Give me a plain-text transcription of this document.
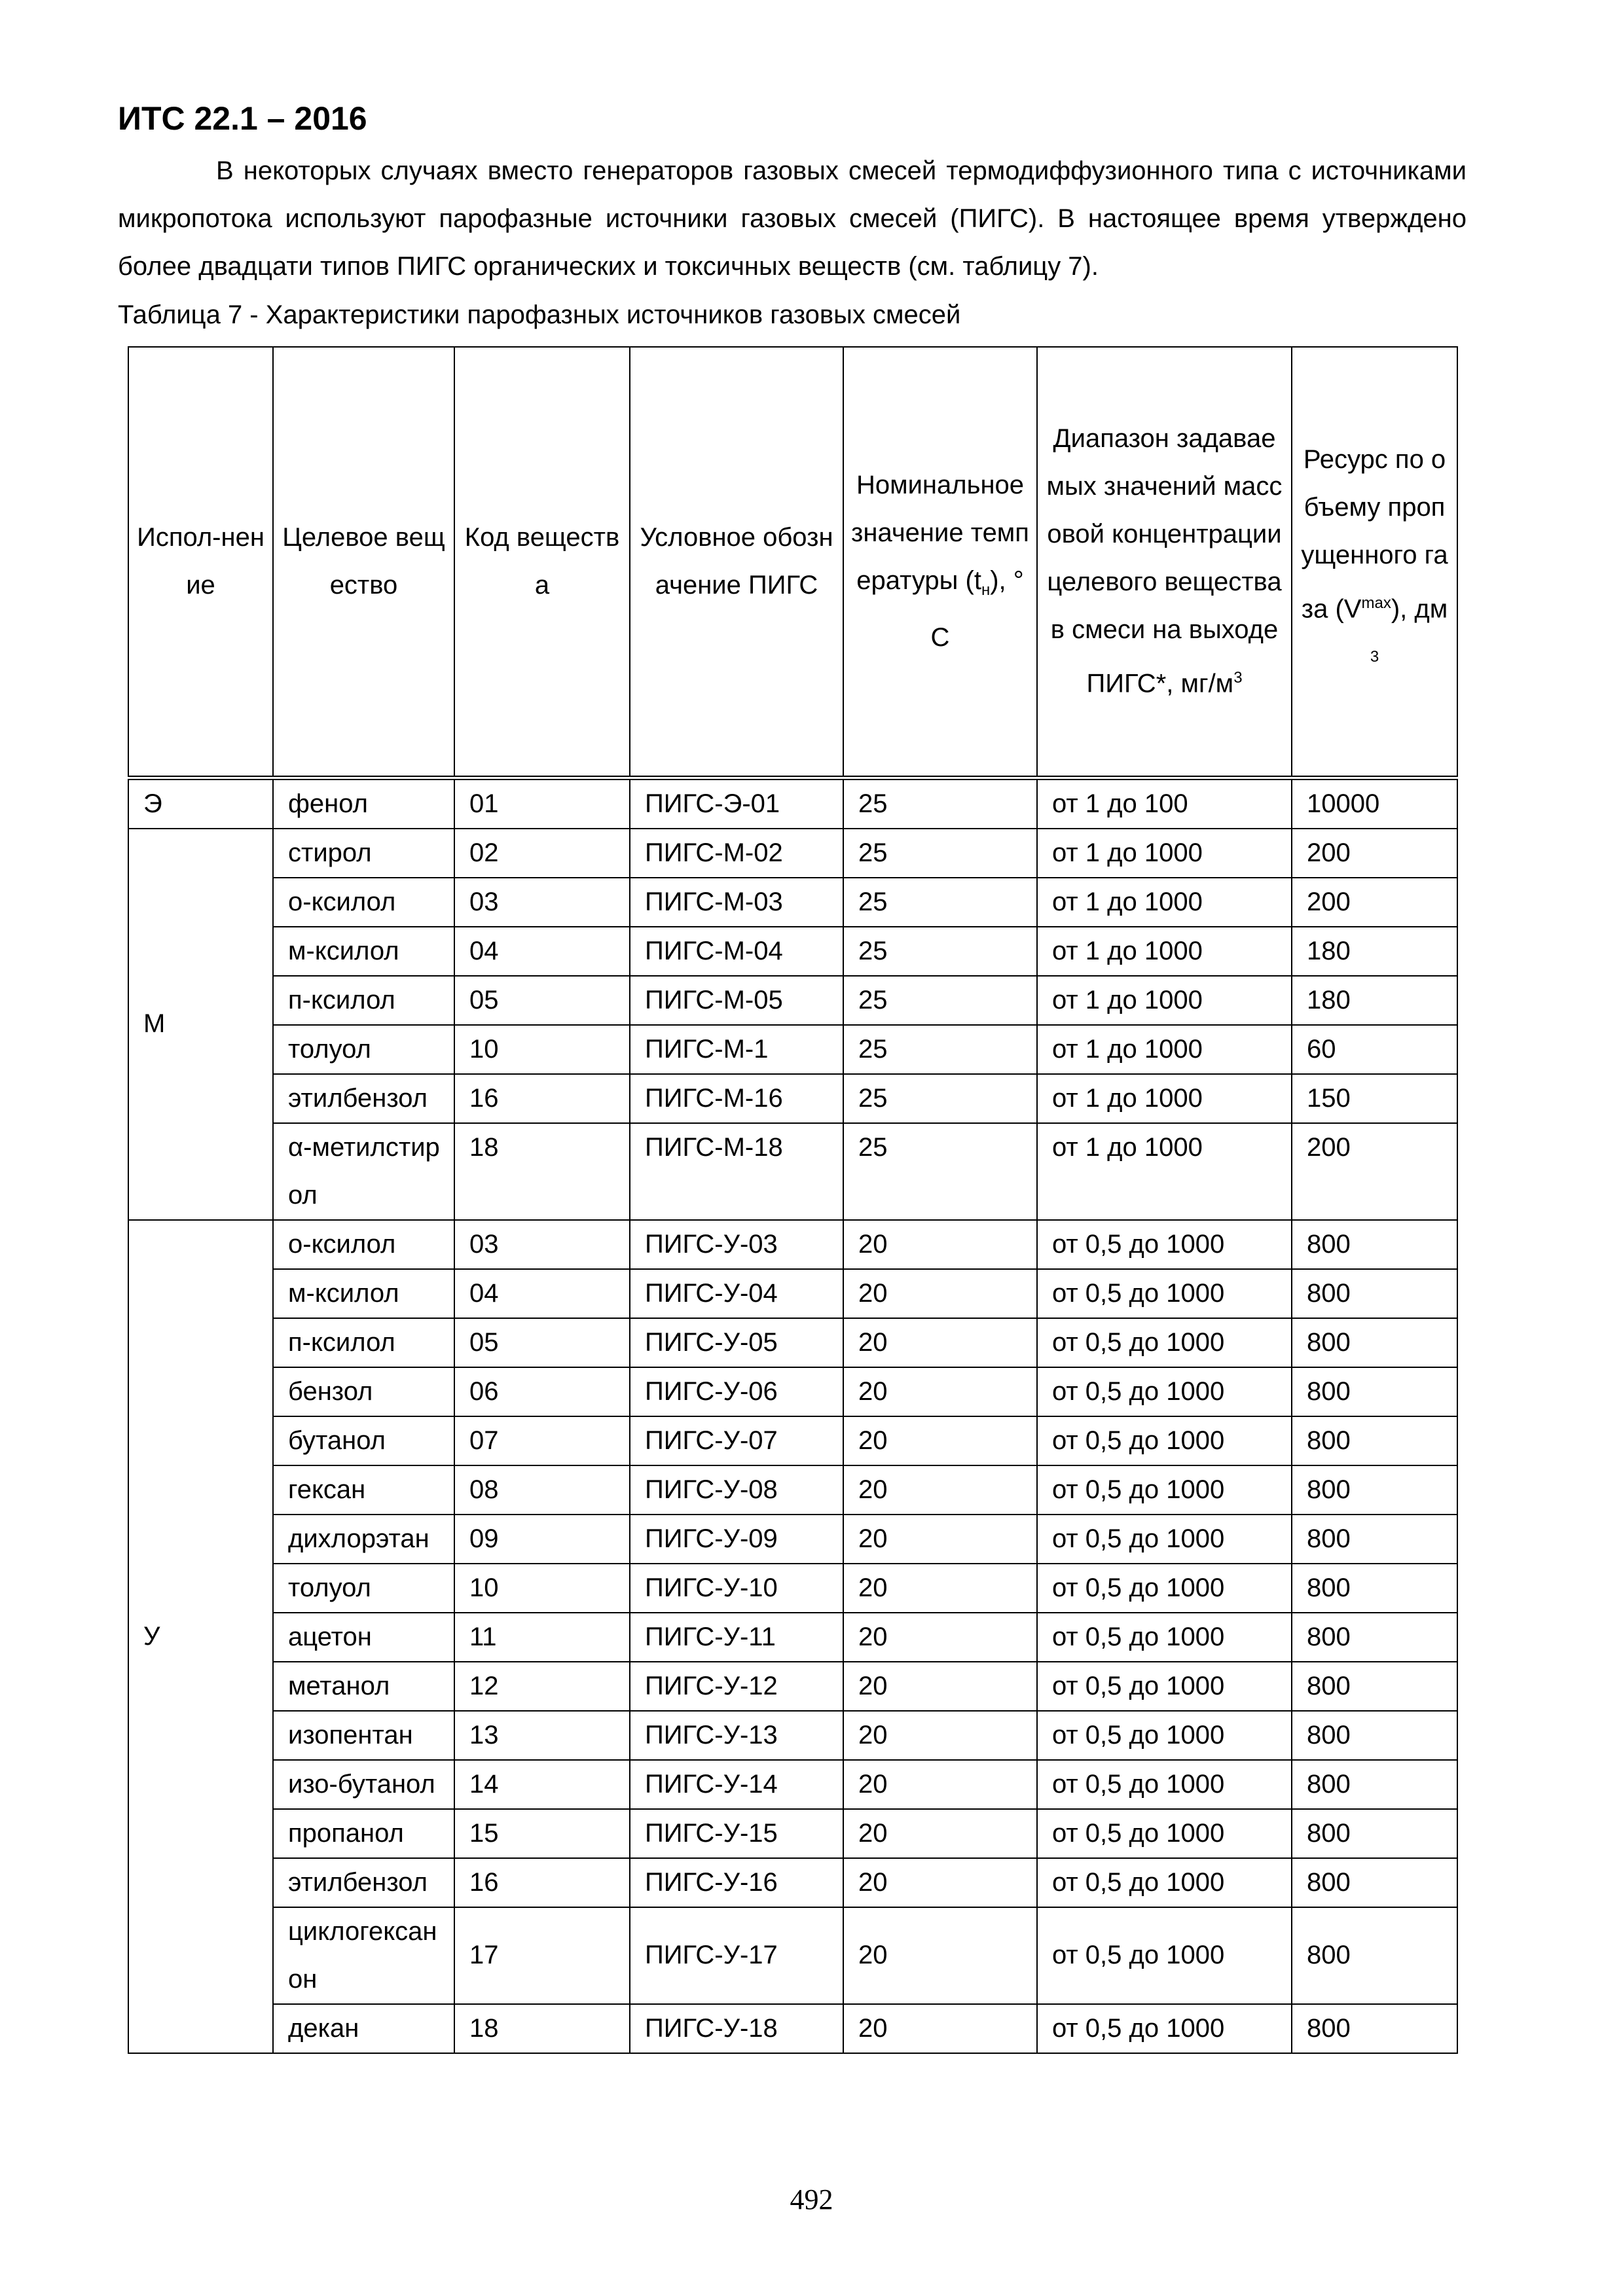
ИТС 22.1 – 2016

В некоторых случаях вместо генераторов газовых смесей термодиффузионного типа с источниками микропотока используют парофазные источники газовых смесей (ПИГС). В настоящее время утверждено более двадцати типов ПИГС органических и токсичных веществ (см. таблицу 7).

Таблица 7 - Характеристики парофазных источников газовых смесей

Испол-нение	Целевое вещество	Код вещества	Условное обозначение ПИГС	Номинальное значение температуры $(t_н)$, °C	Диапазон задаваемых значений массовой концентрации целевого вещества в смеси на выходе ПИГС*, $мг/м^3$	Ресурс по объему пропущенного газа $(V^{max})$, $дм^3$
Э	фенол	01	ПИГС-Э-01	25	от 1 до 100	10000
М	стирол	02	ПИГС-М-02	25	от 1 до 1000	200
	о-ксилол	03	ПИГС-М-03	25	от 1 до 1000	200
	м-ксилол	04	ПИГС-М-04	25	от 1 до 1000	180
	п-ксилол	05	ПИГС-М-05	25	от 1 до 1000	180
	толуол	10	ПИГС-М-1	25	от 1 до 1000	60
	этилбензол	16	ПИГС-М-16	25	от 1 до 1000	150
	α-метилстирол	18	ПИГС-М-18	25	от 1 до 1000	200
У	о-ксилол	03	ПИГС-У-03	20	от 0,5 до 1000	800
	м-ксилол	04	ПИГС-У-04	20	от 0,5 до 1000	800
	п-ксилол	05	ПИГС-У-05	20	от 0,5 до 1000	800
	бензол	06	ПИГС-У-06	20	от 0,5 до 1000	800
	бутанол	07	ПИГС-У-07	20	от 0,5 до 1000	800
	гексан	08	ПИГС-У-08	20	от 0,5 до 1000	800
	дихлорэтан	09	ПИГС-У-09	20	от 0,5 до 1000	800
	толуол	10	ПИГС-У-10	20	от 0,5 до 1000	800
	ацетон	11	ПИГС-У-11	20	от 0,5 до 1000	800
	метанол	12	ПИГС-У-12	20	от 0,5 до 1000	800
	изопентан	13	ПИГС-У-13	20	от 0,5 до 1000	800
	изо-бутанол	14	ПИГС-У-14	20	от 0,5 до 1000	800
	пропанол	15	ПИГС-У-15	20	от 0,5 до 1000	800
	этилбензол	16	ПИГС-У-16	20	от 0,5 до 1000	800
	циклогексанон	17	ПИГС-У-17	20	от 0,5 до 1000	800
	декан	18	ПИГС-У-18	20	от 0,5 до 1000	800

492
